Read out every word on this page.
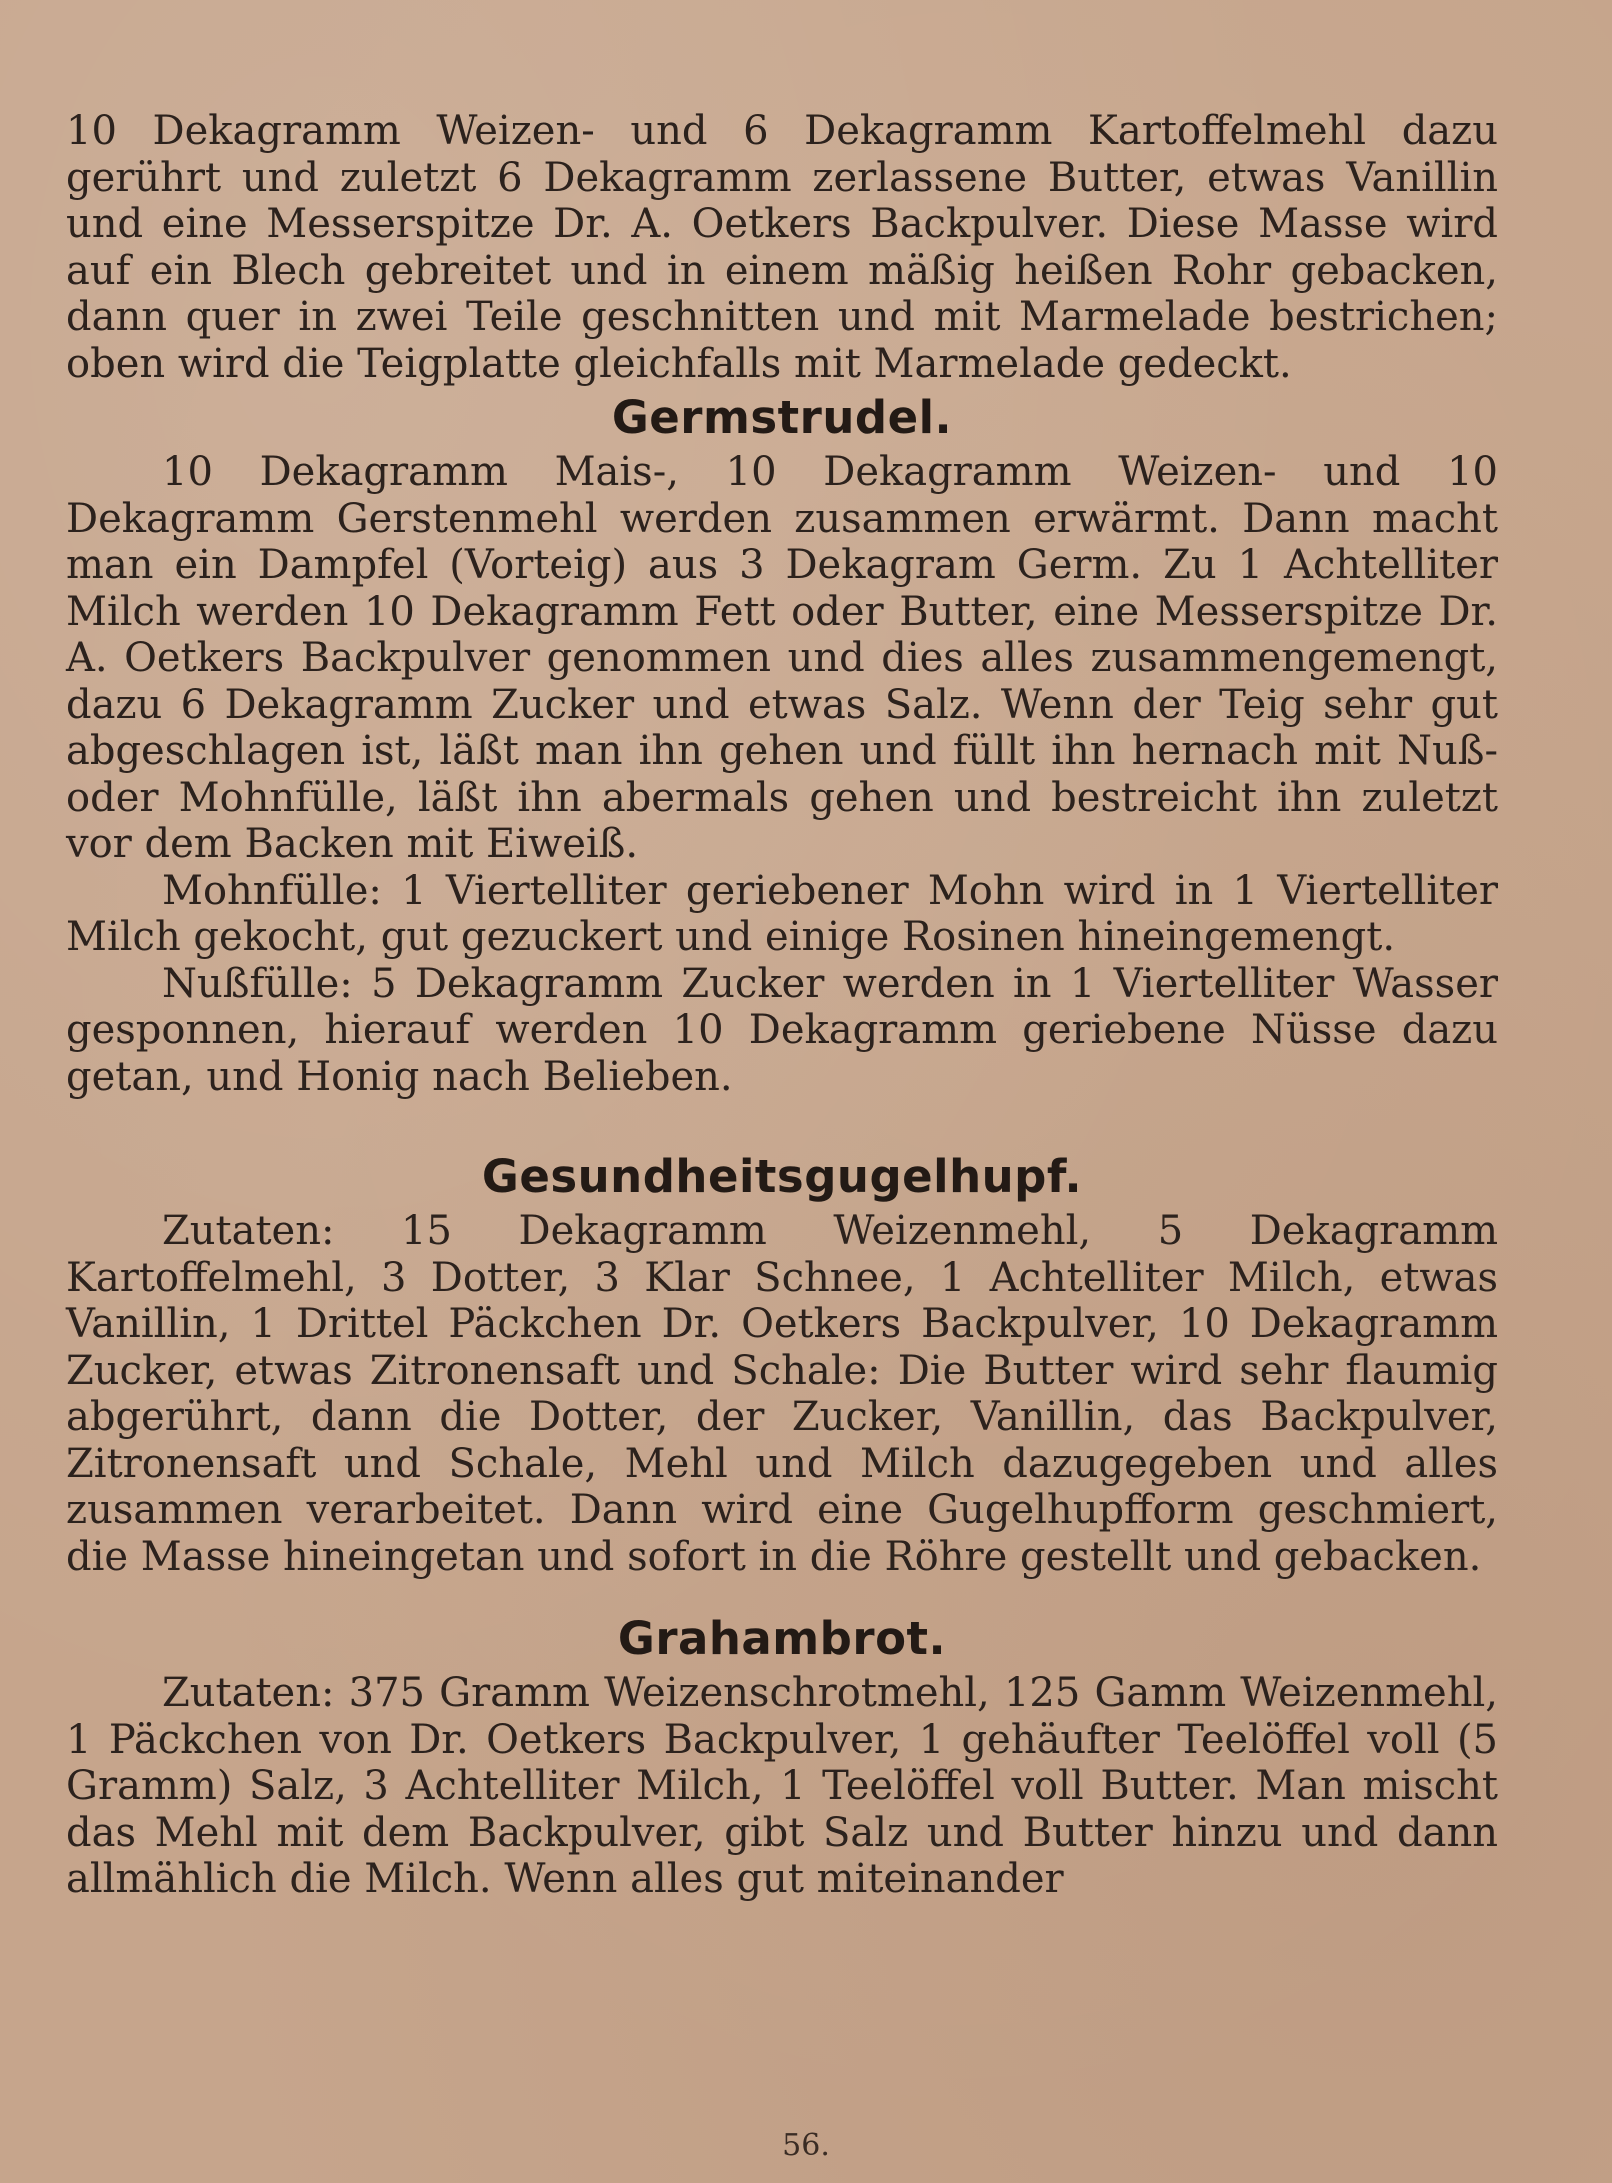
10 Dekagramm Weizen- und 6 Dekagramm Kartoffelmehl dazu gerührt und zuletzt 6 Dekagramm zerlassene Butter, etwas Vanillin und eine Messerspitze Dr. A. Oetkers Backpulver. Diese Masse wird auf ein Blech gebreitet und in einem mäßig heißen Rohr gebacken, dann quer in zwei Teile geschnitten und mit Marmelade bestrichen; oben wird die Teigplatte gleichfalls mit Marmelade gedeckt.

Germstrudel.

10 Dekagramm Mais-, 10 Dekagramm Weizen- und 10 Dekagramm Gerstenmehl werden zusammen erwärmt. Dann macht man ein Dampfel (Vorteig) aus 3 Dekagram Germ. Zu 1 Achtelliter Milch werden 10 Dekagramm Fett oder Butter, eine Messerspitze Dr. A. Oetkers Backpulver genommen und dies alles zusammengemengt, dazu 6 Dekagramm Zucker und etwas Salz. Wenn der Teig sehr gut abgeschlagen ist, läßt man ihn gehen und füllt ihn hernach mit Nuß- oder Mohnfülle, läßt ihn abermals gehen und bestreicht ihn zuletzt vor dem Backen mit Eiweiß.

Mohnfülle: 1 Viertelliter geriebener Mohn wird in 1 Viertelliter Milch gekocht, gut gezuckert und einige Rosinen hineingemengt.

Nußfülle: 5 Dekagramm Zucker werden in 1 Viertelliter Wasser gesponnen, hierauf werden 10 Dekagramm geriebene Nüsse dazu getan, und Honig nach Belieben.

Gesundheitsgugelhupf.

Zutaten: 15 Dekagramm Weizenmehl, 5 Dekagramm Kartoffelmehl, 3 Dotter, 3 Klar Schnee, 1 Achtelliter Milch, etwas Vanillin, 1 Drittel Päckchen Dr. Oetkers Backpulver, 10 Dekagramm Zucker, etwas Zitronensaft und Schale: Die Butter wird sehr flaumig abgerührt, dann die Dotter, der Zucker, Vanillin, das Backpulver, Zitronensaft und Schale, Mehl und Milch dazugegeben und alles zusammen verarbeitet. Dann wird eine Gugelhupfform geschmiert, die Masse hineingetan und sofort in die Röhre gestellt und gebacken.

Grahambrot.

Zutaten: 375 Gramm Weizenschrotmehl, 125 Gamm Weizenmehl, 1 Päckchen von Dr. Oetkers Backpulver, 1 gehäufter Teelöffel voll (5 Gramm) Salz, 3 Achtelliter Milch, 1 Teelöffel voll Butter. Man mischt das Mehl mit dem Backpulver, gibt Salz und Butter hinzu und dann allmählich die Milch. Wenn alles gut miteinander

56.
